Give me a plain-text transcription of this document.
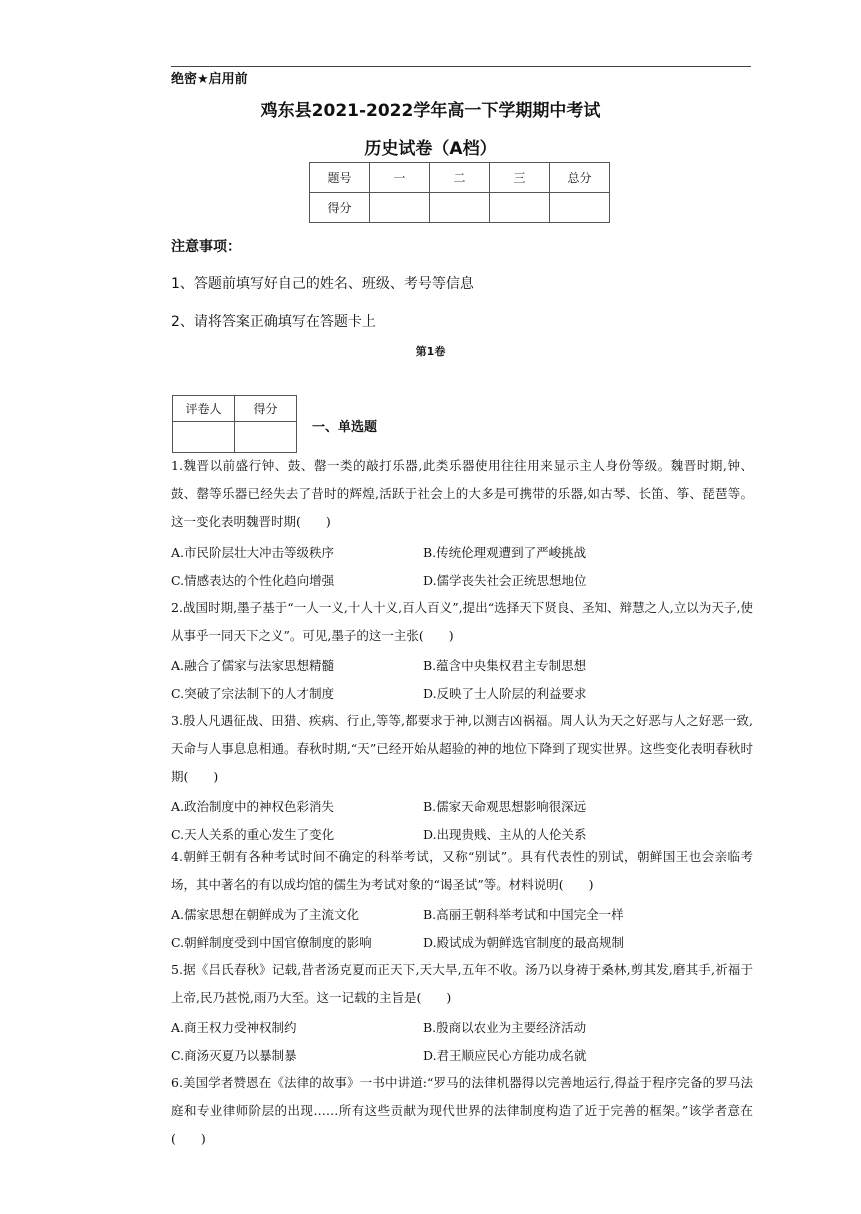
绝密★启用前
鸡东县2021-2022学年高一下学期期中考试
历史试卷（A档）
题号	一	二	三	总分
得分				
注意事项：
1、答题前填写好自己的姓名、班级、考号等信息
2、请将答案正确填写在答题卡上
第1卷
评卷人	得分

一、单选题
1.魏晋以前盛行钟、鼓、罄一类的敲打乐器,此类乐器使用往往用来显示主人身份等级。魏晋时期,钟、鼓、罄等乐器已经失去了昔时的辉煌,活跃于社会上的大多是可携带的乐器,如古琴、长笛、筝、琵琶等。这一变化表明魏晋时期(　　)
A.市民阶层壮大冲击等级秩序	B.传统伦理观遭到了严峻挑战
C.情感表达的个性化趋向增强	D.儒学丧失社会正统思想地位
2.战国时期,墨子基于“一人一义,十人十义,百人百义”,提出“选择天下贤良、圣知、辩慧之人,立以为天子,使从事乎一同天下之义”。可见,墨子的这一主张(　　)
A.融合了儒家与法家思想精髓	B.蕴含中央集权君主专制思想
C.突破了宗法制下的人才制度	D.反映了士人阶层的利益要求
3.殷人凡遇征战、田猎、疾病、行止,等等,都要求于神,以测吉凶祸福。周人认为天之好恶与人之好恶一致,天命与人事息息相通。春秋时期,“天”已经开始从超验的神的地位下降到了现实世界。这些变化表明春秋时期(　　)
A.政治制度中的神权色彩消失	B.儒家天命观思想影响很深远
C.天人关系的重心发生了变化	D.出现贵贱、主从的人伦关系
4.朝鲜王朝有各种考试时间不确定的科举考试，又称“别试”。具有代表性的别试，朝鲜国王也会亲临考场，其中著名的有以成均馆的儒生为考试对象的“谒圣试”等。材料说明(　　)
A.儒家思想在朝鲜成为了主流文化	B.高丽王朝科举考试和中国完全一样
C.朝鲜制度受到中国官僚制度的影响	D.殿试成为朝鲜选官制度的最高规制
5.据《吕氏春秋》记载,昔者汤克夏而正天下,天大旱,五年不收。汤乃以身祷于桑林,剪其发,磨其手,祈福于上帝,民乃甚悦,雨乃大至。这一记载的主旨是(　　)
A.商王权力受神权制约	B.殷商以农业为主要经济活动
C.商汤灭夏乃以暴制暴	D.君王顺应民心方能功成名就
6.美国学者赞恩在《法律的故事》一书中讲道:“罗马的法律机器得以完善地运行,得益于程序完备的罗马法庭和专业律师阶层的出现……所有这些贡献为现代世界的法律制度构造了近于完善的框架。”该学者意在(　　)
